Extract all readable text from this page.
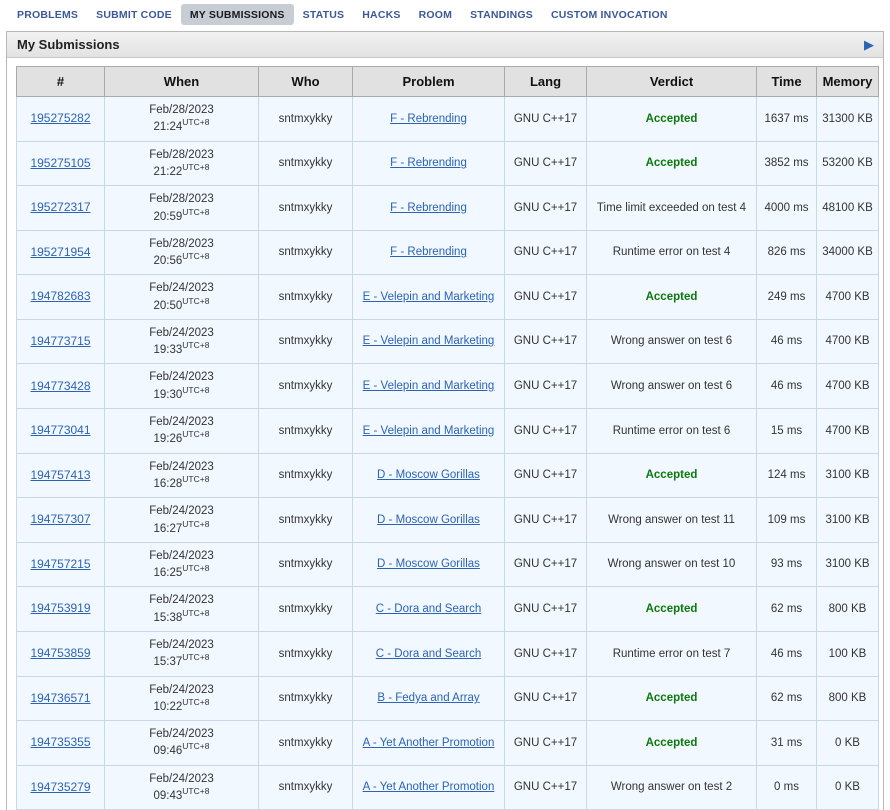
PROBLEMS	SUBMIT CODE	MY SUBMISSIONS	STATUS	HACKS	ROOM	STANDINGS	CUSTOM INVOCATION
My Submissions	▶
#	When	Who	Problem	Lang	Verdict	Time	Memory
195275282	Feb/28/2023
$21:24^{UTC+8}$	sntmxykky	F - Rebrending	GNU C++17	Accepted	1637 ms	31300 KB
195275105	Feb/28/2023
$21:22^{UTC+8}$	sntmxykky	F - Rebrending	GNU C++17	Accepted	3852 ms	53200 KB
195272317	Feb/28/2023
$20:59^{UTC+8}$	sntmxykky	F - Rebrending	GNU C++17	Time limit exceeded on test 4	4000 ms	48100 KB
195271954	Feb/28/2023
$20:56^{UTC+8}$	sntmxykky	F - Rebrending	GNU C++17	Runtime error on test 4	826 ms	34000 KB
194782683	Feb/24/2023
$20:50^{UTC+8}$	sntmxykky	E - Velepin and Marketing	GNU C++17	Accepted	249 ms	4700 KB
194773715	Feb/24/2023
$19:33^{UTC+8}$	sntmxykky	E - Velepin and Marketing	GNU C++17	Wrong answer on test 6	46 ms	4700 KB
194773428	Feb/24/2023
$19:30^{UTC+8}$	sntmxykky	E - Velepin and Marketing	GNU C++17	Wrong answer on test 6	46 ms	4700 KB
194773041	Feb/24/2023
$19:26^{UTC+8}$	sntmxykky	E - Velepin and Marketing	GNU C++17	Runtime error on test 6	15 ms	4700 KB
194757413	Feb/24/2023
$16:28^{UTC+8}$	sntmxykky	D - Moscow Gorillas	GNU C++17	Accepted	124 ms	3100 KB
194757307	Feb/24/2023
$16:27^{UTC+8}$	sntmxykky	D - Moscow Gorillas	GNU C++17	Wrong answer on test 11	109 ms	3100 KB
194757215	Feb/24/2023
$16:25^{UTC+8}$	sntmxykky	D - Moscow Gorillas	GNU C++17	Wrong answer on test 10	93 ms	3100 KB
194753919	Feb/24/2023
$15:38^{UTC+8}$	sntmxykky	C - Dora and Search	GNU C++17	Accepted	62 ms	800 KB
194753859	Feb/24/2023
$15:37^{UTC+8}$	sntmxykky	C - Dora and Search	GNU C++17	Runtime error on test 7	46 ms	100 KB
194736571	Feb/24/2023
$10:22^{UTC+8}$	sntmxykky	B - Fedya and Array	GNU C++17	Accepted	62 ms	800 KB
194735355	Feb/24/2023
$09:46^{UTC+8}$	sntmxykky	A - Yet Another Promotion	GNU C++17	Accepted	31 ms	0 KB
194735279	Feb/24/2023
$09:43^{UTC+8}$	sntmxykky	A - Yet Another Promotion	GNU C++17	Wrong answer on test 2	0 ms	0 KB
